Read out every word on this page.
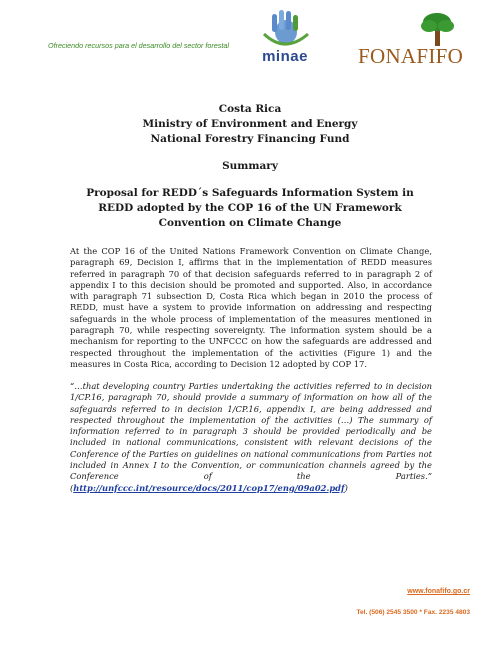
Ofreciendo recursos para el desarrollo del sector forestal
minae	FONAFIFO
Costa Rica
Ministry of Environment and Energy
National Forestry Financing Fund
Summary
Proposal for REDD´s Safeguards Information System in REDD adopted by the COP 16 of the UN Framework Convention on Climate Change
At the COP 16 of the United Nations Framework Convention on Climate Change, paragraph 69, Decision I, affirms that in the implementation of REDD measures referred in paragraph 70 of that decision safeguards referred to in paragraph 2 of appendix I to this decision should be promoted and supported. Also, in accordance with paragraph 71 subsection D, Costa Rica which began in 2010 the process of REDD, must have a system to provide information on addressing and respecting safeguards in the whole process of implementation of the measures mentioned in paragraph 70, while respecting sovereignty. The information system should be a mechanism for reporting to the UNFCCC on how the safeguards are addressed and respected throughout the implementation of the activities (Figure 1) and the measures in Costa Rica, according to Decision 12 adopted by COP 17.
“…that developing country Parties undertaking the activities referred to in decision 1/CP.16, paragraph 70, should provide a summary of information on how all of the safeguards referred to in decision 1/CP.16, appendix I, are being addressed and respected throughout the implementation of the activities (…) The summary of information referred to in paragraph 3 should be provided periodically and be included in national communications, consistent with relevant decisions of the Conference of the Parties on guidelines on national communications from Parties not included in Annex I to the Convention, or communication channels agreed by the Conference of the Parties.” (http://unfccc.int/resource/docs/2011/cop17/eng/09a02.pdf)
www.fonafifo.go.cr
Tel. (506) 2545 3500 * Fax. 2235 4803
